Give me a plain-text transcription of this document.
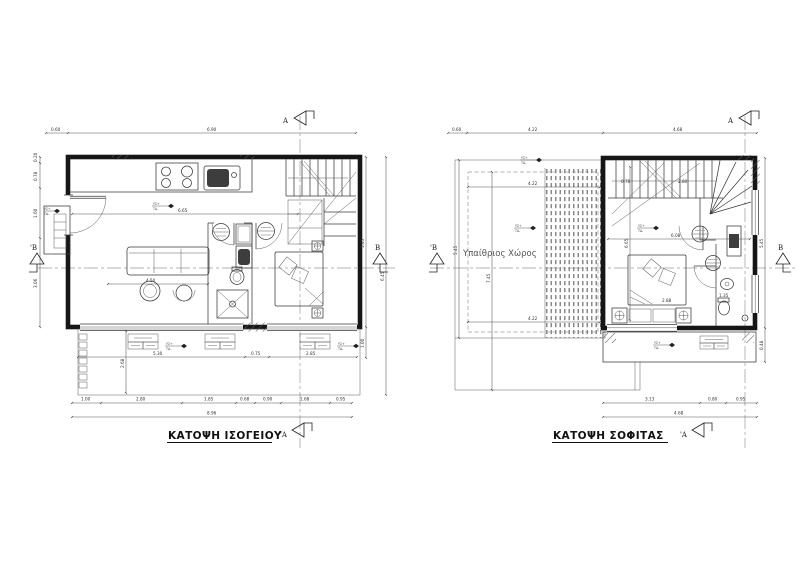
0.60	6.90
Α
6.65
ΥΣ+
ΤΔ-
4.50
ΥΣ+
ΤΔ-
0.20
0.78
1.60
3.06
'Β	Β
5.45
1.00
6.45
2.68
ΥΣ+
ΤΔ-
ΥΣ+
ΤΔ-
5.30	0.75	2.85
1.00	2.80	1.85	0.68	0.90	1.68	0.95
8.96
ΚΑΤΟΨΗ ΙΣΟΓΕΙΟΥ
'Α
0.60	4.22	4.68
Α
Υπαίθριος Χώρος
4.22
4.22
5.45
7.45
'Β	Β
0.78	2.80
6.08
6.65
ΥΣ+
ΤΔ-
ΥΣ+
ΤΔ-
ΥΣ+
ΤΔ-
2.88
1.35
ΥΣ+
ΤΔ-
5.45
0.48
3.13	0.80	0.95
4.68
ΚΑΤΟΨΗ ΣΟΦΙΤΑΣ 'Α
